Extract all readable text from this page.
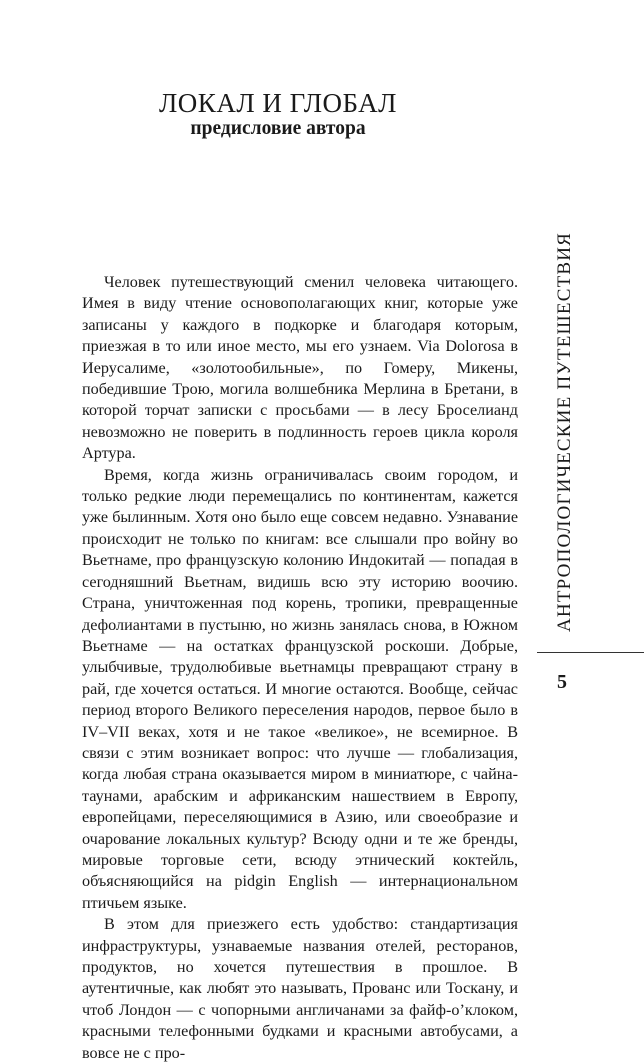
ЛОКАЛ И ГЛОБАЛ
предисловие автора

Человек путешествующий сменил человека читающего. Имея в виду чтение основополагающих книг, которые уже записаны у каждого в подкорке и благодаря которым, приезжая в то или иное место, мы его узнаем. Via Dolorosa в Иерусалиме, «золотообильные», по Гомеру, Микены, победившие Трою, могила волшебника Мерлина в Бретани, в которой торчат записки с просьбами — в лесу Броселианд невозможно не поверить в подлинность героев цикла короля Артура.

Время, когда жизнь ограничивалась своим городом, и только редкие люди перемещались по континентам, кажется уже былинным. Хотя оно было еще совсем недавно. Узнавание происходит не только по книгам: все слышали про войну во Вьетнаме, про французскую колонию Индокитай — попадая в сегодняшний Вьетнам, видишь всю эту историю воочию. Страна, уничтоженная под корень, тропики, превращенные дефолиантами в пустыню, но жизнь занялась снова, в Южном Вьетнаме — на остатках французской роскоши. Добрые, улыбчивые, трудолюбивые вьетнамцы превращают страну в рай, где хочется остаться. И многие остаются. Вообще, сейчас период второго Великого переселения народов, первое было в IV–VII веках, хотя и не такое «великое», не всемирное. В связи с этим возникает вопрос: что лучше — глобализация, когда любая страна оказывается миром в миниатюре, с чайна-таунами, арабским и африканским нашествием в Европу, европейцами, переселяющимися в Азию, или своеобразие и очарование локальных культур? Всюду одни и те же бренды, мировые торговые сети, всюду этнический коктейль, объясняющийся на pidgin English — интернациональном птичьем языке.

В этом для приезжего есть удобство: стандартизация инфраструктуры, узнаваемые названия отелей, ресторанов, продуктов, но хочется путешествия в прошлое. В аутентичные, как любят это называть, Прованс или Тоскану, и чтоб Лондон — с чопорными англичанами за файф-о’клоком, красными телефонными будками и красными автобусами, а вовсе не с про-

АНТРОПОЛОГИЧЕСКИЕ ПУТЕШЕСТВИЯ
5
